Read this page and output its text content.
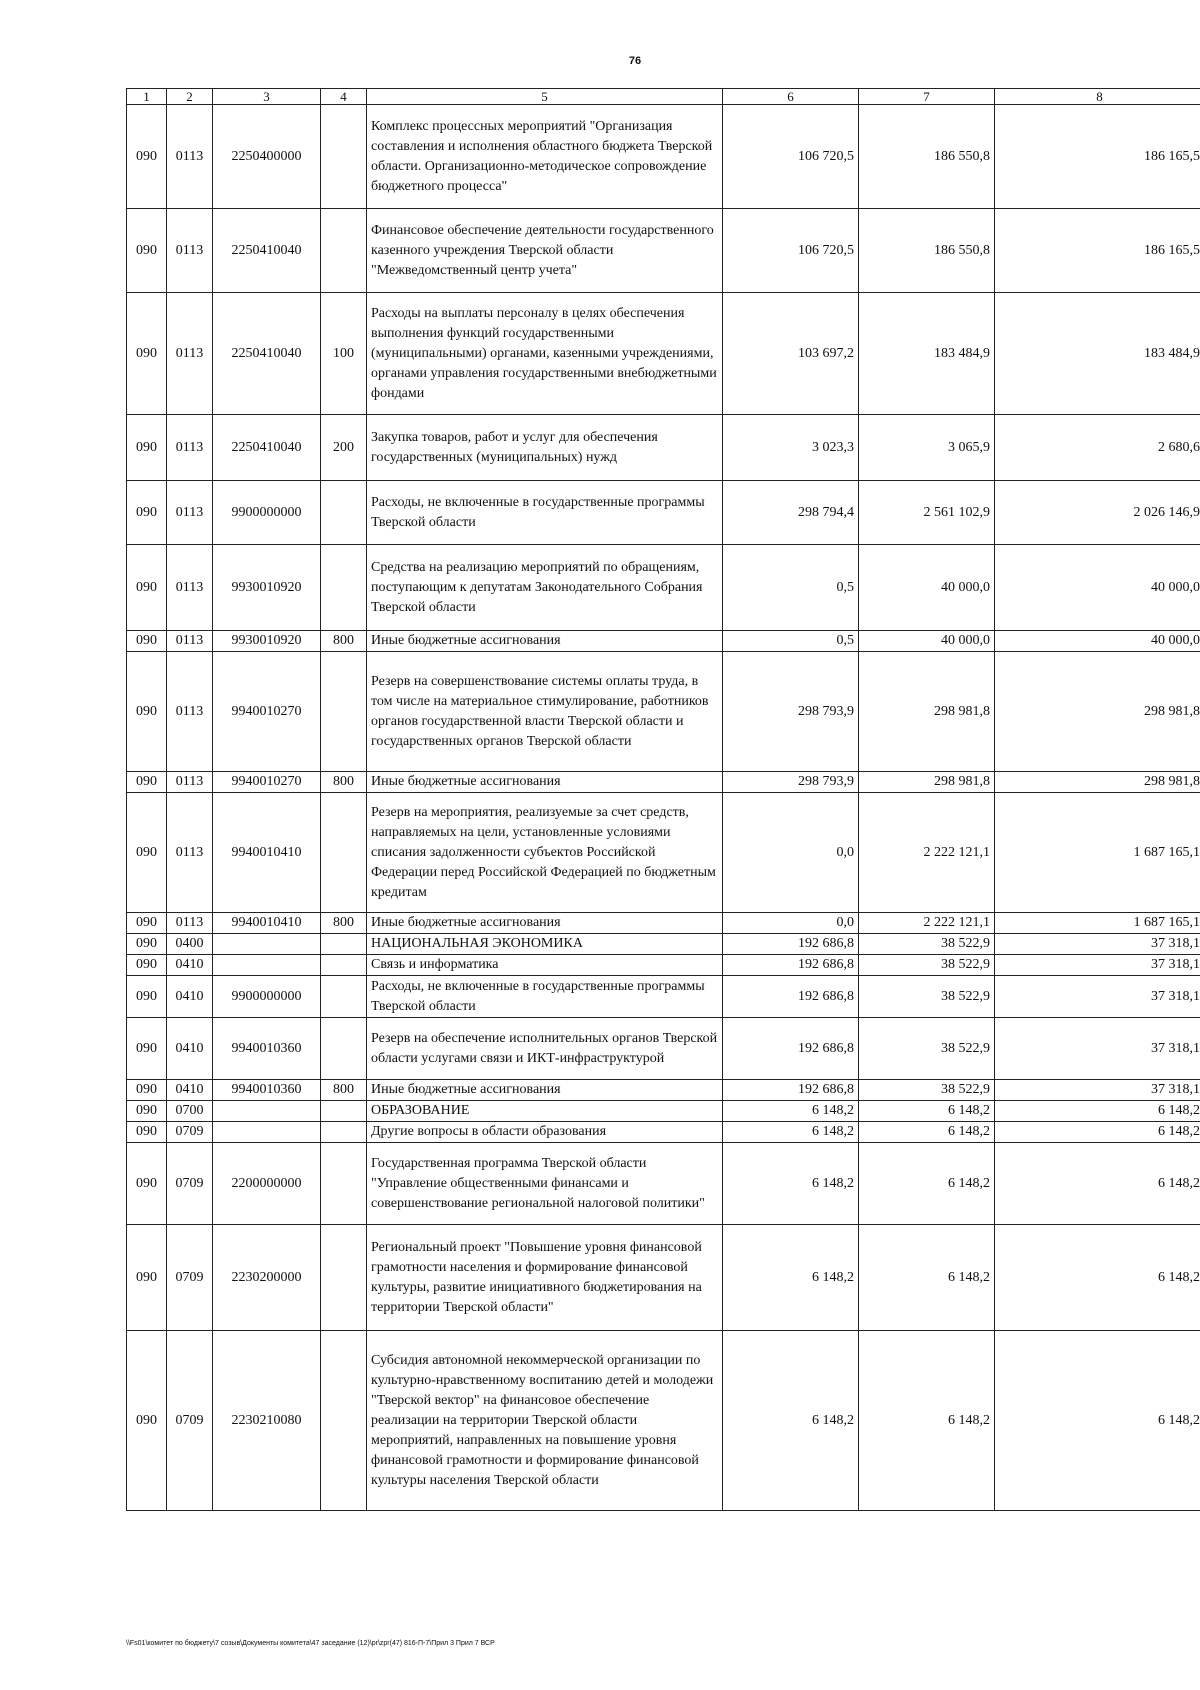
76
1	2	3	4	5	6	7	8
090	0113	2250400000		Комплекс процессных мероприятий "Организация составления и исполнения областного бюджета Тверской области. Организационно-методическое сопровождение бюджетного процесса"	106 720,5	186 550,8	186 165,5
090	0113	2250410040		Финансовое обеспечение деятельности государственного казенного учреждения Тверской области "Межведомственный центр учета"	106 720,5	186 550,8	186 165,5
090	0113	2250410040	100	Расходы на выплаты персоналу в целях обеспечения выполнения функций государственными (муниципальными) органами, казенными учреждениями, органами управления государственными внебюджетными фондами	103 697,2	183 484,9	183 484,9
090	0113	2250410040	200	Закупка товаров, работ и услуг для обеспечения государственных (муниципальных) нужд	3 023,3	3 065,9	2 680,6
090	0113	9900000000		Расходы, не включенные в государственные программы Тверской области	298 794,4	2 561 102,9	2 026 146,9
090	0113	9930010920		Средства на реализацию мероприятий по обращениям, поступающим к депутатам Законодательного Собрания Тверской области	0,5	40 000,0	40 000,0
090	0113	9930010920	800	Иные бюджетные ассигнования	0,5	40 000,0	40 000,0
090	0113	9940010270		Резерв на совершенствование системы оплаты труда, в том числе на материальное стимулирование, работников органов государственной власти Тверской области и государственных органов Тверской области	298 793,9	298 981,8	298 981,8
090	0113	9940010270	800	Иные бюджетные ассигнования	298 793,9	298 981,8	298 981,8
090	0113	9940010410		Резерв на мероприятия, реализуемые за счет средств, направляемых на цели, установленные условиями списания задолженности субъектов Российской Федерации перед Российской Федерацией по бюджетным кредитам	0,0	2 222 121,1	1 687 165,1
090	0113	9940010410	800	Иные бюджетные ассигнования	0,0	2 222 121,1	1 687 165,1
090	0400			НАЦИОНАЛЬНАЯ ЭКОНОМИКА	192 686,8	38 522,9	37 318,1
090	0410			Связь и информатика	192 686,8	38 522,9	37 318,1
090	0410	9900000000		Расходы, не включенные в государственные программы Тверской области	192 686,8	38 522,9	37 318,1
090	0410	9940010360		Резерв на обеспечение исполнительных органов Тверской области услугами связи и ИКТ-инфраструктурой	192 686,8	38 522,9	37 318,1
090	0410	9940010360	800	Иные бюджетные ассигнования	192 686,8	38 522,9	37 318,1
090	0700			ОБРАЗОВАНИЕ	6 148,2	6 148,2	6 148,2
090	0709			Другие вопросы в области образования	6 148,2	6 148,2	6 148,2
090	0709	2200000000		Государственная программа Тверской области "Управление общественными финансами и совершенствование региональной налоговой политики"	6 148,2	6 148,2	6 148,2
090	0709	2230200000		Региональный проект "Повышение уровня финансовой грамотности населения и формирование финансовой культуры, развитие инициативного бюджетирования на территории Тверской области"	6 148,2	6 148,2	6 148,2
090	0709	2230210080		Субсидия автономной некоммерческой организации по культурно-нравственному воспитанию детей и молодежи "Тверской вектор" на финансовое обеспечение реализации на территории Тверской области мероприятий, направленных на повышение уровня финансовой грамотности и формирование финансовой культуры населения Тверской области	6 148,2	6 148,2	6 148,2
\\Fs01\комитет по бюджету\7 созыв\Документы комитета\47 заседание (12)\pr\zpr(47) 816-П-7\Прил 3 Прил 7 ВСР
